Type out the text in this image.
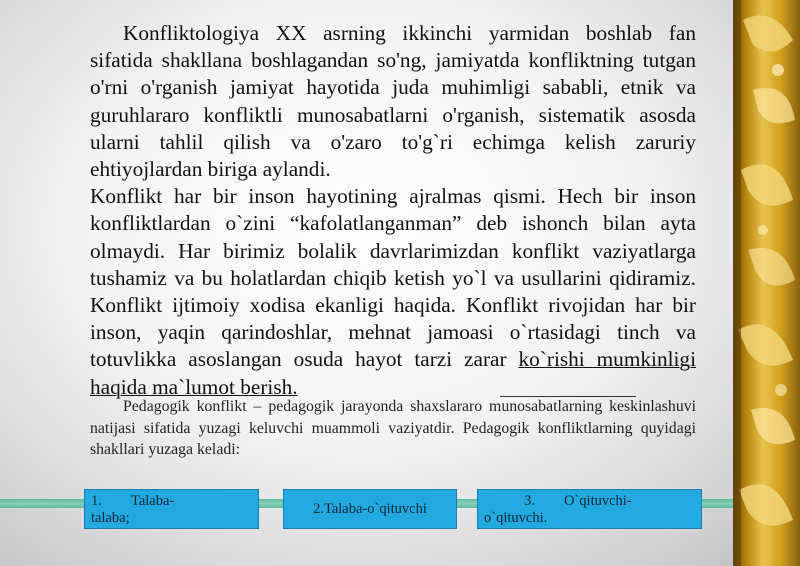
Konfliktologiya XX asrning ikkinchi yarmidan boshlab fan sifatida shakllana boshlagandan so'ng, jamiyatda konfliktning tutgan o'rni o'rganish jamiyat hayotida juda muhimligi sababli, etnik va guruhlararo konfliktli munosabatlarni o'rganish, sistematik asosda ularni tahlil qilish va o'zaro to'g`ri echimga kelish zaruriy ehtiyojlardan biriga aylandi.

Konflikt har bir inson hayotining ajralmas qismi. Hech bir inson konfliktlardan o`zini “kafolatlanganman” deb ishonch bilan ayta olmaydi. Har birimiz bolalik davrlarimizdan konflikt vaziyatlarga tushamiz va bu holatlardan chiqib ketish yo`l va usullarini qidiramiz. Konflikt ijtimoiy xodisa ekanligi haqida. Konflikt rivojidan har bir inson, yaqin qarindoshlar, mehnat jamoasi o`rtasidagi tinch va totuvlikka asoslangan osuda hayot tarzi zarar ko`rishi mumkinligi haqida ma`lumot berish.

Pedagogik konflikt – pedagogik jarayonda shaxslararo munosabatlarning keskinlashuvi natijasi sifatida yuzagi keluvchi muammoli vaziyatdir. Pedagogik konfliktlarning quyidagi shakllari yuzaga keladi:

1. Talaba-
talaba;
2.Talaba-o`qituvchi	3. O`qituvchi-
o`qituvchi.
